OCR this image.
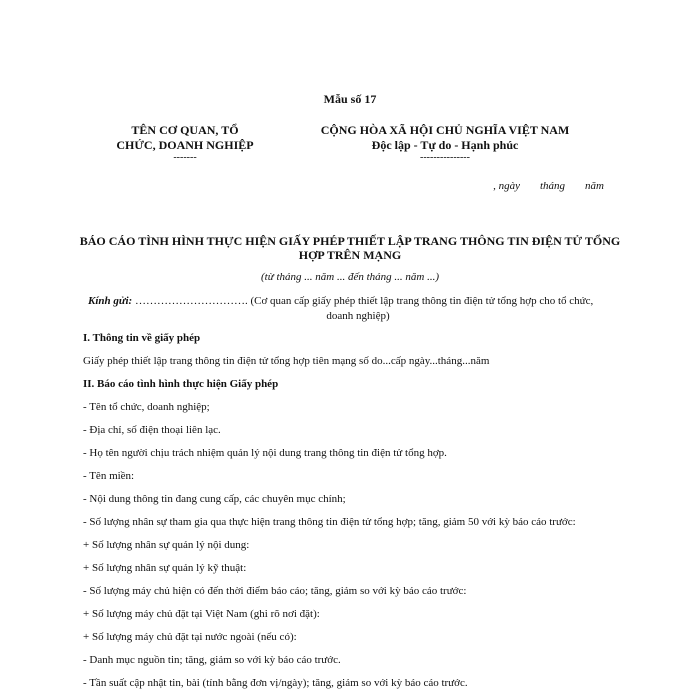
Mẫu số 17
TÊN CƠ QUAN, TỔ
CHỨC, DOANH NGHIỆP
-------
CỘNG HÒA XÃ HỘI CHỦ NGHĨA VIỆT NAM
Độc lập - Tự do - Hạnh phúc
---------------
, ngày tháng năm
BÁO CÁO TÌNH HÌNH THỰC HIỆN GIẤY PHÉP THIẾT LẬP TRANG THÔNG TIN ĐIỆN TỬ TỔNG HỢP TRÊN MẠNG
(từ tháng ... năm ... đến tháng ... năm ...)
Kính gửi: …………………………. (Cơ quan cấp giấy phép thiết lập trang thông tin điện tử tổng hợp cho tổ chức,
doanh nghiệp)
I. Thông tin về giấy phép
Giấy phép thiết lập trang thông tin điện tử tổng hợp tiên mạng số do...cấp ngày...tháng...năm
II. Báo cáo tình hình thực hiện Giấy phép
- Tên tổ chức, doanh nghiệp;
- Địa chỉ, số điện thoại liên lạc.
- Họ tên người chịu trách nhiệm quản lý nội dung trang thông tin điện tử tổng hợp.
- Tên miền:
- Nội dung thông tin đang cung cấp, các chuyên mục chính;
- Số lượng nhân sự tham gia qua thực hiện trang thông tin điện tử tổng hợp; tăng, giảm 50 với kỳ báo cáo trước:
+ Số lượng nhân sự quản lý nội dung:
+ Số lượng nhân sự quản lý kỹ thuật:
- Số lượng máy chủ hiện có đến thời điểm báo cáo; tăng, giảm so với kỳ báo cáo trước:
+ Số lượng máy chủ đặt tại Việt Nam (ghi rõ nơi đặt):
+ Số lượng máy chủ đặt tại nước ngoài (nếu có):
- Danh mục nguồn tin; tăng, giảm so với kỳ báo cáo trước.
- Tần suất cập nhật tin, bài (tính bằng đơn vị/ngày); tăng, giảm so với kỳ báo cáo trước.
